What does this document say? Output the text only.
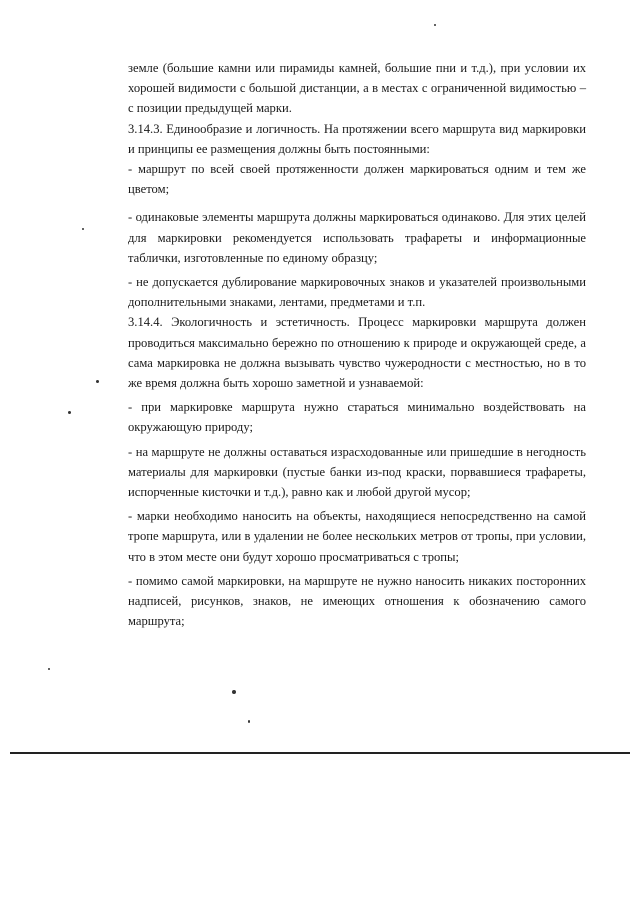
земле (большие камни или пирамиды камней, большие пни и т.д.), при условии их хорошей видимости с большой дистанции, а в местах с ограниченной видимостью – с позиции предыдущей марки.

3.14.3. Единообразие и логичность. На протяжении всего маршрута вид маркировки и принципы ее размещения должны быть постоянными:

- маршрут по всей своей протяженности должен маркироваться одним и тем же цветом;

- одинаковые элементы маршрута должны маркироваться одинаково. Для этих целей для маркировки рекомендуется использовать трафареты и информационные таблички, изготовленные по единому образцу;

- не допускается дублирование маркировочных знаков и указателей произвольными дополнительными знаками, лентами, предметами и т.п.

3.14.4. Экологичность и эстетичность. Процесс маркировки маршрута должен проводиться максимально бережно по отношению к природе и окружающей среде, а сама маркировка не должна вызывать чувство чужеродности с местностью, но в то же время должна быть хорошо заметной и узнаваемой:

- при маркировке маршрута нужно стараться минимально воздействовать на окружающую природу;

- на маршруте не должны оставаться израсходованные или пришедшие в негодность материалы для маркировки (пустые банки из-под краски, порвавшиеся трафареты, испорченные кисточки и т.д.), равно как и любой другой мусор;

- марки необходимо наносить на объекты, находящиеся непосредственно на самой тропе маршрута, или в удалении не более нескольких метров от тропы, при условии, что в этом месте они будут хорошо просматриваться с тропы;

- помимо самой маркировки, на маршруте не нужно наносить никаких посторонних надписей, рисунков, знаков, не имеющих отношения к обозначению самого маршрута;
